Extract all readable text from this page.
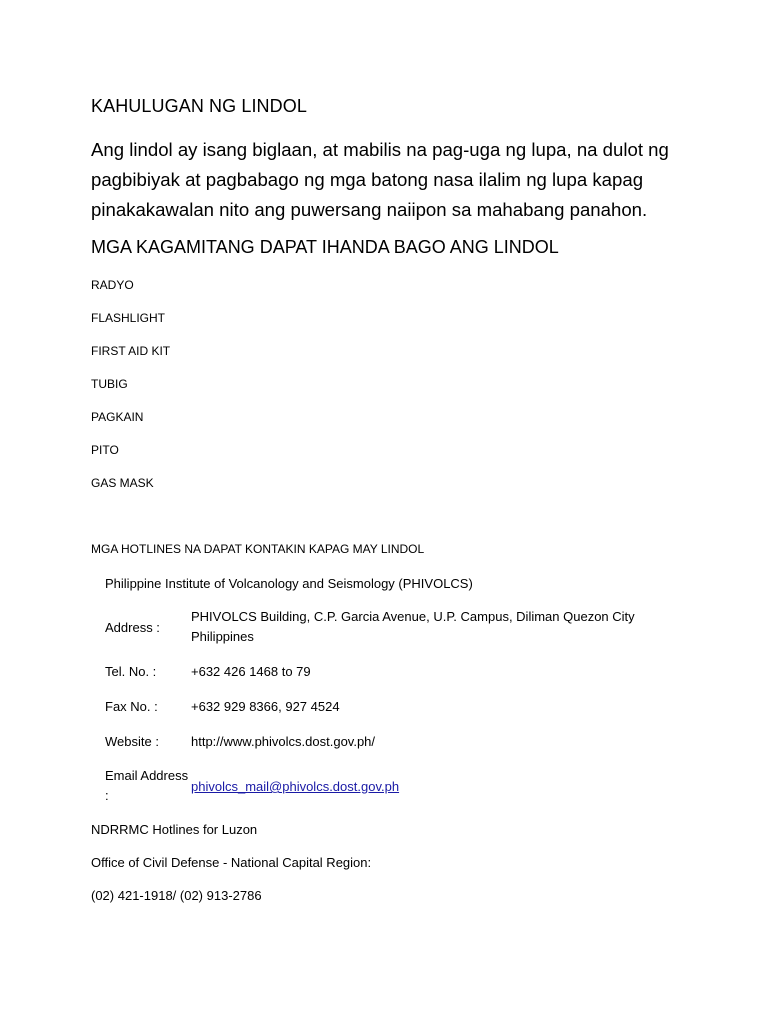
KAHULUGAN NG LINDOL
Ang lindol ay isang biglaan, at mabilis na pag-uga ng lupa, na dulot ng
pagbibiyak at pagbabago ng mga batong nasa ilalim ng lupa kapag
pinakakawalan nito ang puwersang naiipon sa mahabang panahon.
MGA KAGAMITANG DAPAT IHANDA BAGO ANG LINDOL
RADYO
FLASHLIGHT
FIRST AID KIT
TUBIG
PAGKAIN
PITO
GAS MASK
MGA HOTLINES NA DAPAT KONTAKIN KAPAG MAY LINDOL
Philippine Institute of Volcanology and Seismology (PHIVOLCS)
Address :
PHIVOLCS Building, C.P. Garcia Avenue, U.P. Campus, Diliman Quezon City
Philippines
Tel. No. :	+632 426 1468 to 79
Fax No. :	+632 929 8366, 927 4524
Website : http://www.phivolcs.dost.gov.ph/
Email Address
:
phivolcs_mail@phivolcs.dost.gov.ph
NDRRMC Hotlines for Luzon
Office of Civil Defense - National Capital Region:
(02) 421-1918/ (02) 913-2786
